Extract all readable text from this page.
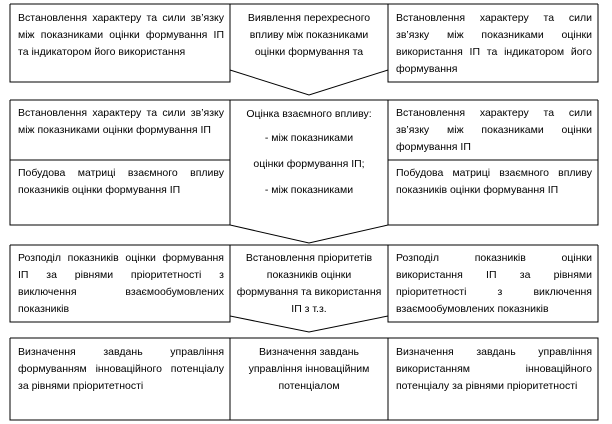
Встановлення характеру та сили зв’язку між показниками оцінки формування ІП та індикатором його використання
Виявлення перехресного впливу між показниками оцінки формування та
Встановлення характеру та сили зв’язку між показниками оцінки використання ІП та індикатором його формування
Встановлення характеру та сили зв’язку між показниками оцінки формування ІП
Побудова матриці взаємного впливу показників оцінки формування ІП

Оцінка взаємного впливу:

- між показниками

оцінки формування ІП;

- між показниками

Встановлення характеру та сили зв’язку між показниками оцінки формування ІП
Побудова матриці взаємного впливу показників оцінки формування ІП
Розподіл показників оцінки формування ІП за рівнями пріоритетності з виключення взаємообумовлених показників
Встановлення пріоритетів показників оцінки формування та використання ІП з т.з.
Розподіл показників оцінки використання ІП за рівнями пріоритетності з виключення взаємообумовлених показників
Визначення завдань управління формуванням інноваційного потенціалу за рівнями пріоритетності
Визначення завдань управління інноваційним потенціалом
Визначення завдань управління використанням інноваційного потенціалу за рівнями пріоритетності
